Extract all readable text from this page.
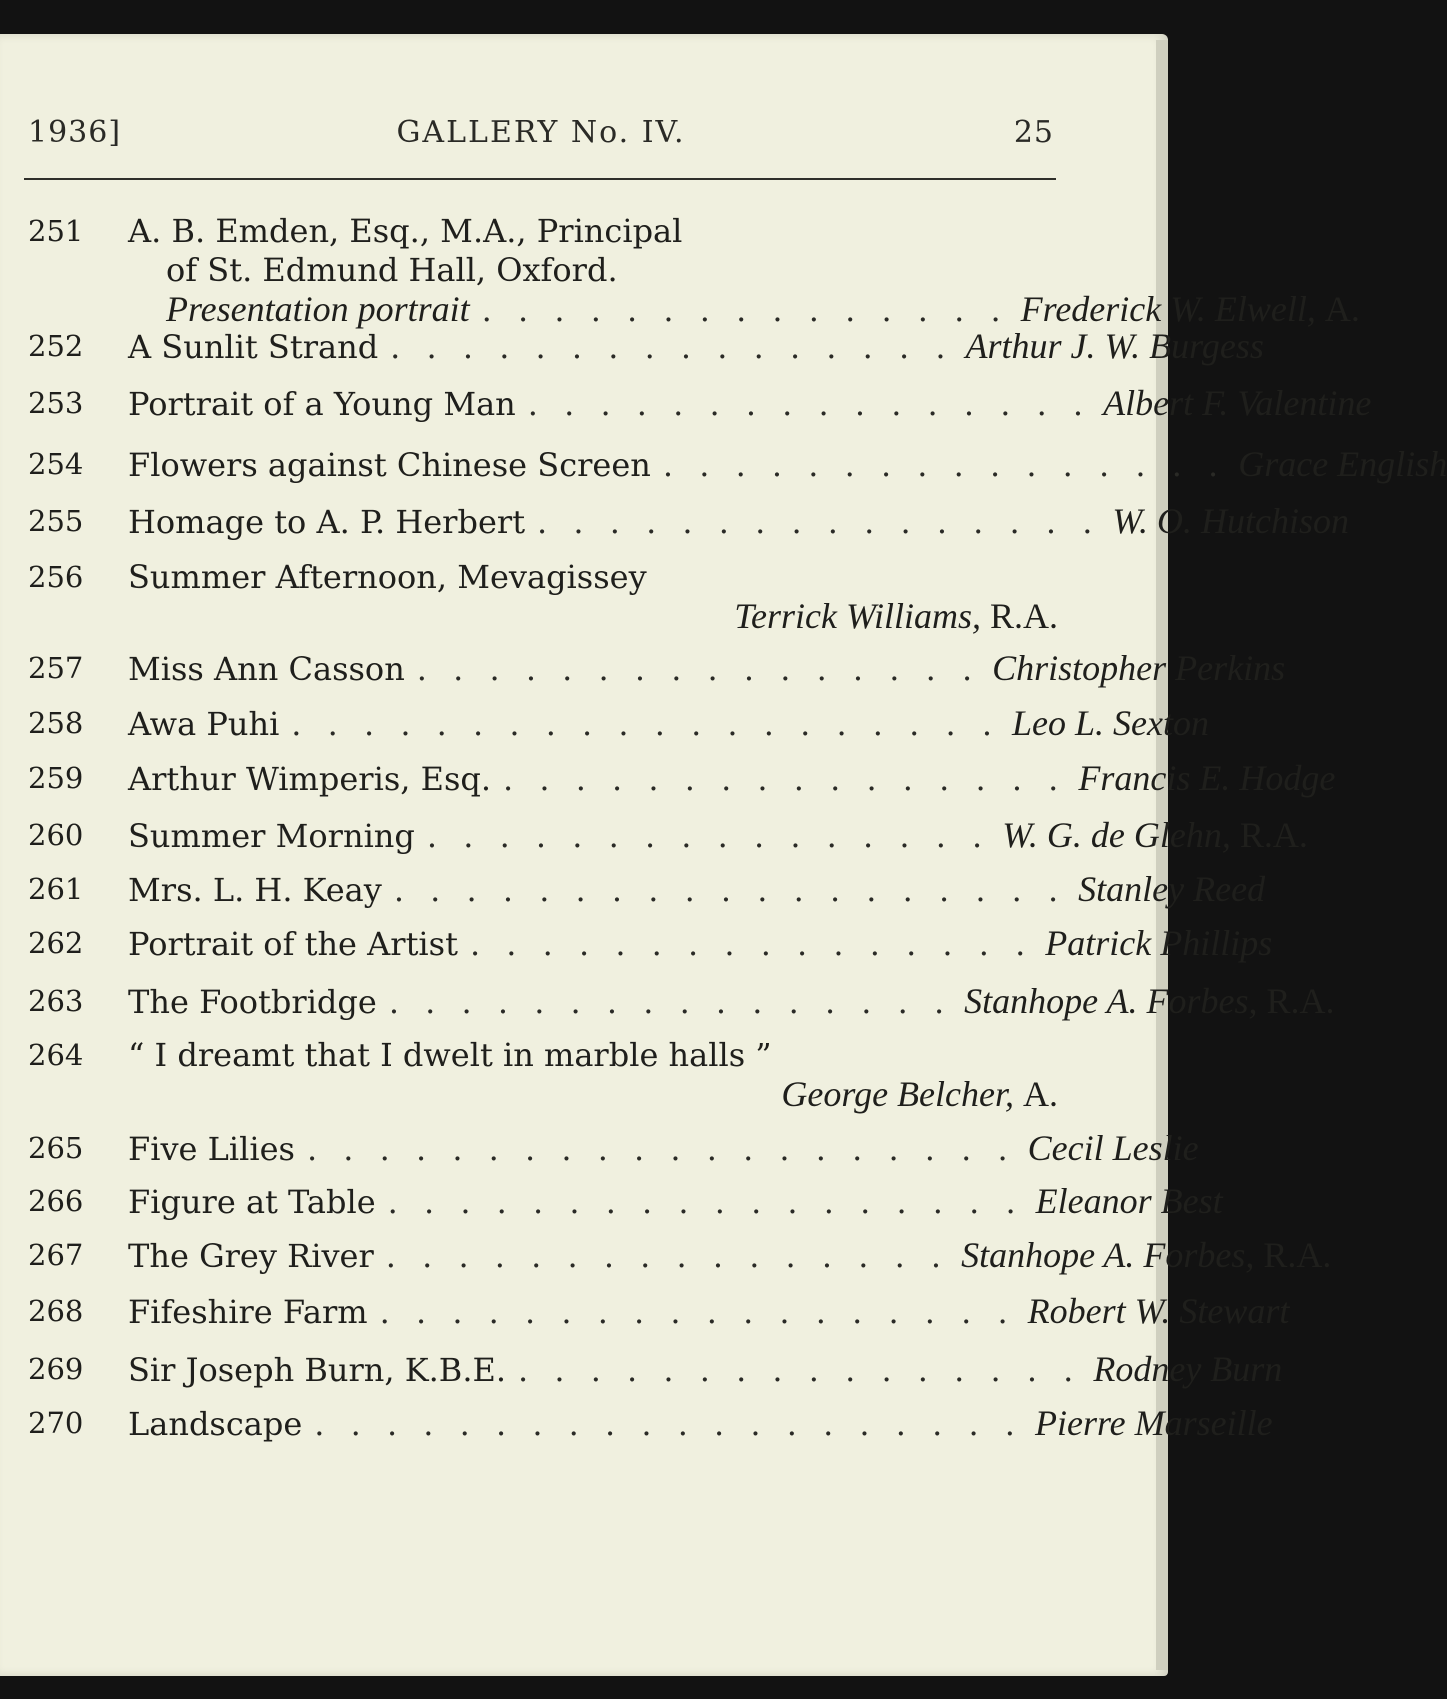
1936]	GALLERY No. IV.	25
251	A. B. Emden, Esq., M.A., Principal
of St. Edmund Hall, Oxford.
Presentation portrait . . . . . . . . . . . . . . . Frederick W. Elwell, A.
252	A Sunlit Strand . . . . . . . . . . . . . . . . Arthur J. W. Burgess
253	Portrait of a Young Man . . . . . . . . . . . . . . . . Albert F. Valentine
254	Flowers against Chinese Screen . . . . . . . . . . . . . . . . Grace English
255	Homage to A. P. Herbert . . . . . . . . . . . . . . . . W. O. Hutchison
256	Summer Afternoon, Mevagissey
Terrick Williams, R.A.
257	Miss Ann Casson . . . . . . . . . . . . . . . . Christopher Perkins
258	Awa Puhi . . . . . . . . . . . . . . . . . . . . Leo L. Sexton
259	Arthur Wimperis, Esq. . . . . . . . . . . . . . . . . Francis E. Hodge
260	Summer Morning . . . . . . . . . . . . . . . . W. G. de Glehn, R.A.
261	Mrs. L. H. Keay . . . . . . . . . . . . . . . . . . . Stanley Reed
262	Portrait of the Artist . . . . . . . . . . . . . . . . Patrick Phillips
263	The Footbridge . . . . . . . . . . . . . . . . Stanhope A. Forbes, R.A.
264	“ I dreamt that I dwelt in marble halls ”
George Belcher, A.
265	Five Lilies . . . . . . . . . . . . . . . . . . . . Cecil Leslie
266	Figure at Table . . . . . . . . . . . . . . . . . . Eleanor Best
267	The Grey River . . . . . . . . . . . . . . . . Stanhope A. Forbes, R.A.
268	Fifeshire Farm . . . . . . . . . . . . . . . . . . Robert W. Stewart
269	Sir Joseph Burn, K.B.E. . . . . . . . . . . . . . . . . Rodney Burn
270	Landscape . . . . . . . . . . . . . . . . . . . . Pierre Marseille
